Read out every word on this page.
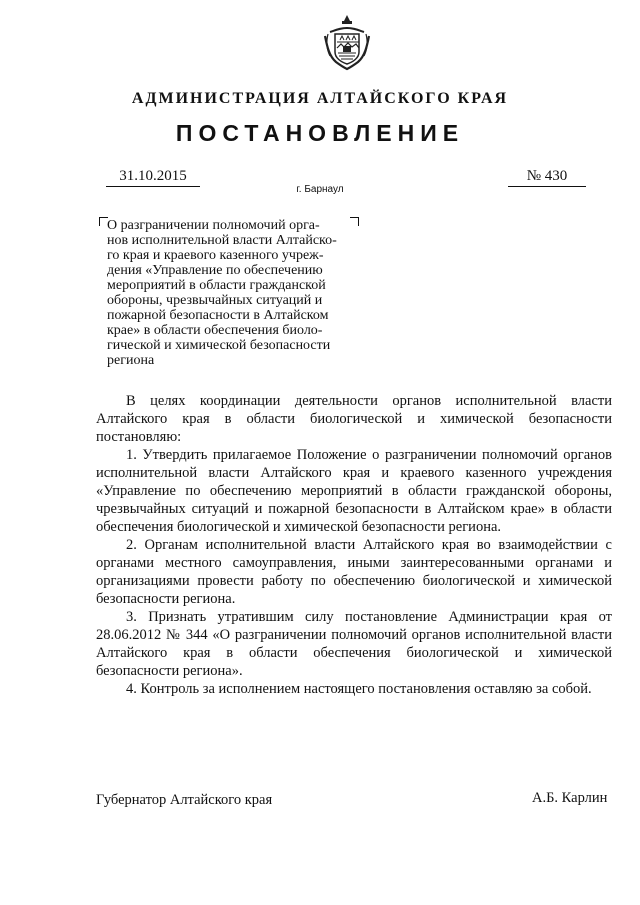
АДМИНИСТРАЦИЯ АЛТАЙСКОГО КРАЯ
ПОСТАНОВЛЕНИЕ
31.10.2015	№ 430
г. Барнаул
О разграничении полномочий орга-
нов исполнительной власти Алтайско-
го края и краевого казенного учреж-
дения «Управление по обеспечению
мероприятий в области гражданской
обороны, чрезвычайных ситуаций и
пожарной безопасности в Алтайском
крае» в области обеспечения биоло-
гической и химической безопасности
региона

В целях координации деятельности органов исполнительной власти Алтайского края в области биологической и химической безопасности постановляю:

1. Утвердить прилагаемое Положение о разграничении полномочий органов исполнительной власти Алтайского края и краевого казенного учреждения «Управление по обеспечению мероприятий в области гражданской обороны, чрезвычайных ситуаций и пожарной безопасности в Алтайском крае» в области обеспечения биологической и химической безопасности региона.

2. Органам исполнительной власти Алтайского края во взаимодействии с органами местного самоуправления, иными заинтересованными органами и организациями провести работу по обеспечению биологической и химической безопасности региона.

3. Признать утратившим силу постановление Администрации края от 28.06.2012 № 344 «О разграничении полномочий органов исполнительной власти Алтайского края в области обеспечения биологической и химической безопасности региона».

4. Контроль за исполнением настоящего постановления оставляю за собой.

Губернатор Алтайского края	А.Б. Карлин
